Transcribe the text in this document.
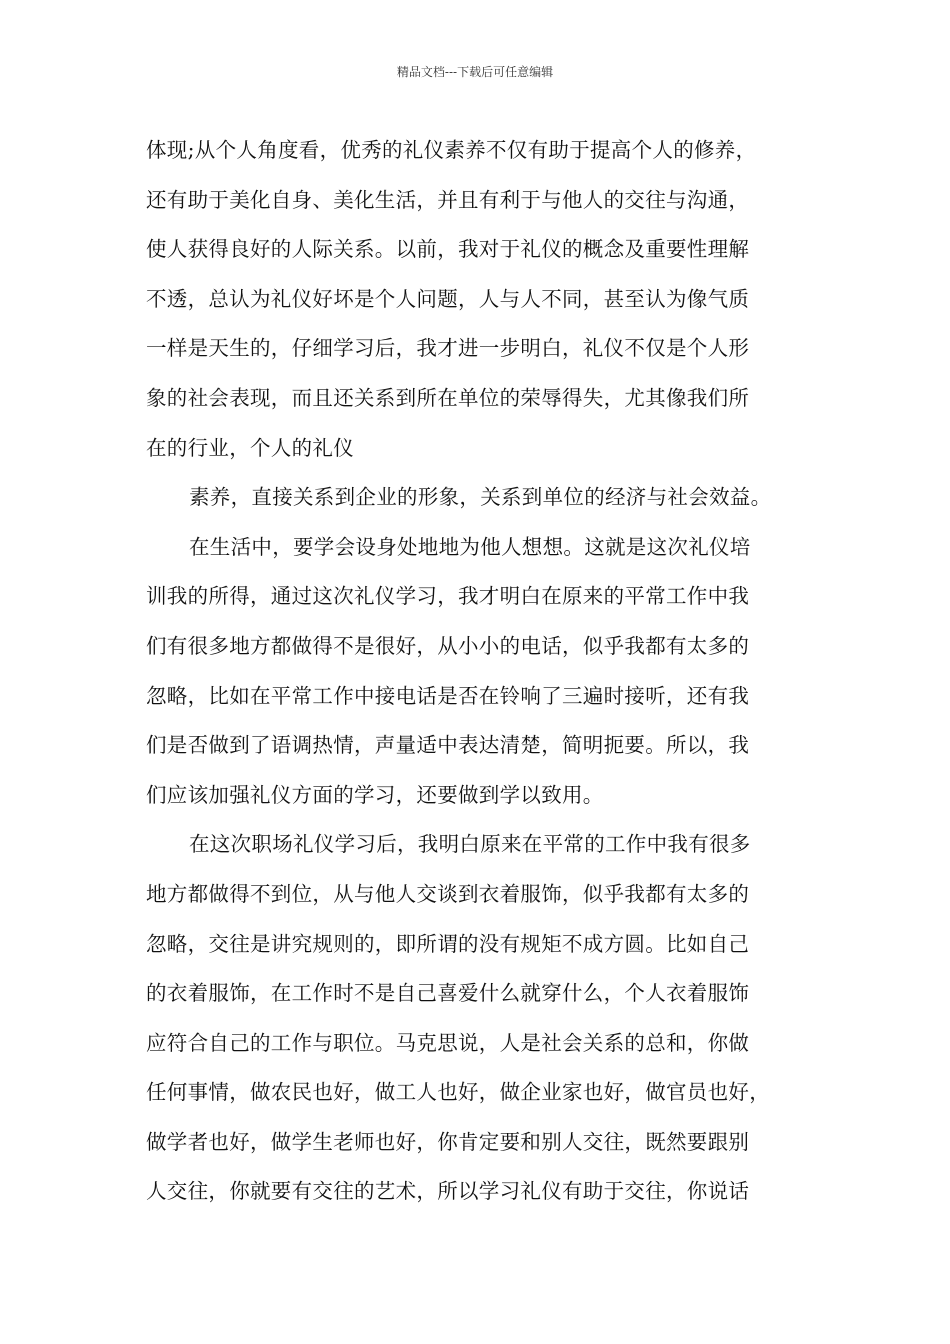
精品文档---下载后可任意编辑
体现;从个人角度看，优秀的礼仪素养不仅有助于提高个人的修养，
还有助于美化自身、美化生活，并且有利于与他人的交往与沟通，
使人获得良好的人际关系。以前，我对于礼仪的概念及重要性理解
不透，总认为礼仪好坏是个人问题，人与人不同，甚至认为像气质
一样是天生的，仔细学习后，我才进一步明白，礼仪不仅是个人形
象的社会表现，而且还关系到所在单位的荣辱得失，尤其像我们所
在的行业，个人的礼仪
素养，直接关系到企业的形象，关系到单位的经济与社会效益。
在生活中，要学会设身处地地为他人想想。这就是这次礼仪培
训我的所得，通过这次礼仪学习，我才明白在原来的平常工作中我
们有很多地方都做得不是很好，从小小的电话，似乎我都有太多的
忽略，比如在平常工作中接电话是否在铃响了三遍时接听，还有我
们是否做到了语调热情，声量适中表达清楚，简明扼要。所以，我
们应该加强礼仪方面的学习，还要做到学以致用。
在这次职场礼仪学习后，我明白原来在平常的工作中我有很多
地方都做得不到位，从与他人交谈到衣着服饰，似乎我都有太多的
忽略，交往是讲究规则的，即所谓的没有规矩不成方圆。比如自己
的衣着服饰，在工作时不是自己喜爱什么就穿什么，个人衣着服饰
应符合自己的工作与职位。马克思说，人是社会关系的总和，你做
任何事情，做农民也好，做工人也好，做企业家也好，做官员也好，
做学者也好，做学生老师也好，你肯定要和别人交往，既然要跟别
人交往，你就要有交往的艺术，所以学习礼仪有助于交往，你说话
